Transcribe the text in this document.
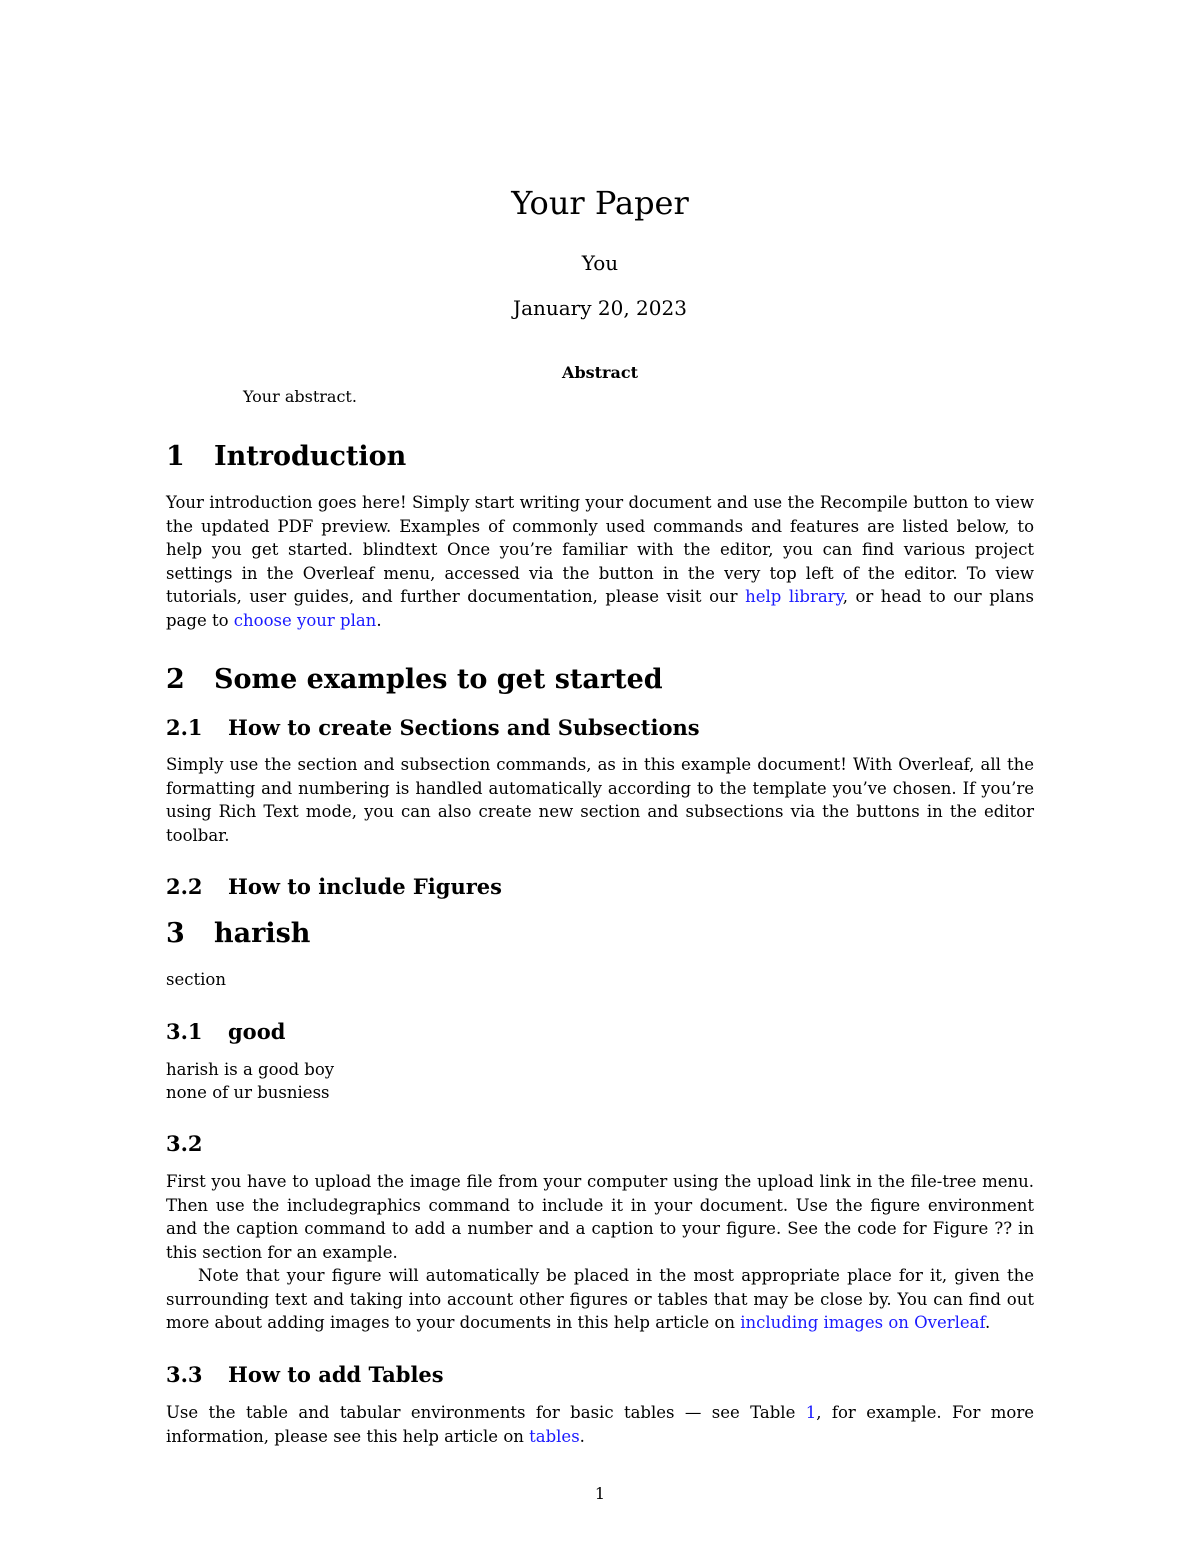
Your Paper
You
January 20, 2023
Abstract
Your abstract.
1 Introduction
Your introduction goes here! Simply start writing your document and use the Recompile button to view the updated PDF preview. Examples of commonly used commands and features are listed below, to help you get started. blindtext Once you’re familiar with the editor, you can find various project settings in the Overleaf menu, accessed via the button in the very top left of the editor. To view tutorials, user guides, and further documentation, please visit our help library, or head to our plans page to choose your plan.
2 Some examples to get started
2.1 How to create Sections and Subsections
Simply use the section and subsection commands, as in this example document! With Overleaf, all the formatting and numbering is handled automatically according to the template you’ve chosen. If you’re using Rich Text mode, you can also create new section and subsections via the buttons in the editor toolbar.
2.2 How to include Figures
3 harish
section
3.1 good
harish is a good boy
none of ur busniess
3.2
First you have to upload the image file from your computer using the upload link in the file-tree menu. Then use the includegraphics command to include it in your document. Use the figure environment and the caption command to add a number and a caption to your figure. See the code for Figure ?? in this section for an example.
Note that your figure will automatically be placed in the most appropriate place for it, given the surrounding text and taking into account other figures or tables that may be close by. You can find out more about adding images to your documents in this help article on including images on Overleaf.
3.3 How to add Tables
Use the table and tabular environments for basic tables — see Table 1, for example. For more information, please see this help article on tables.
1
